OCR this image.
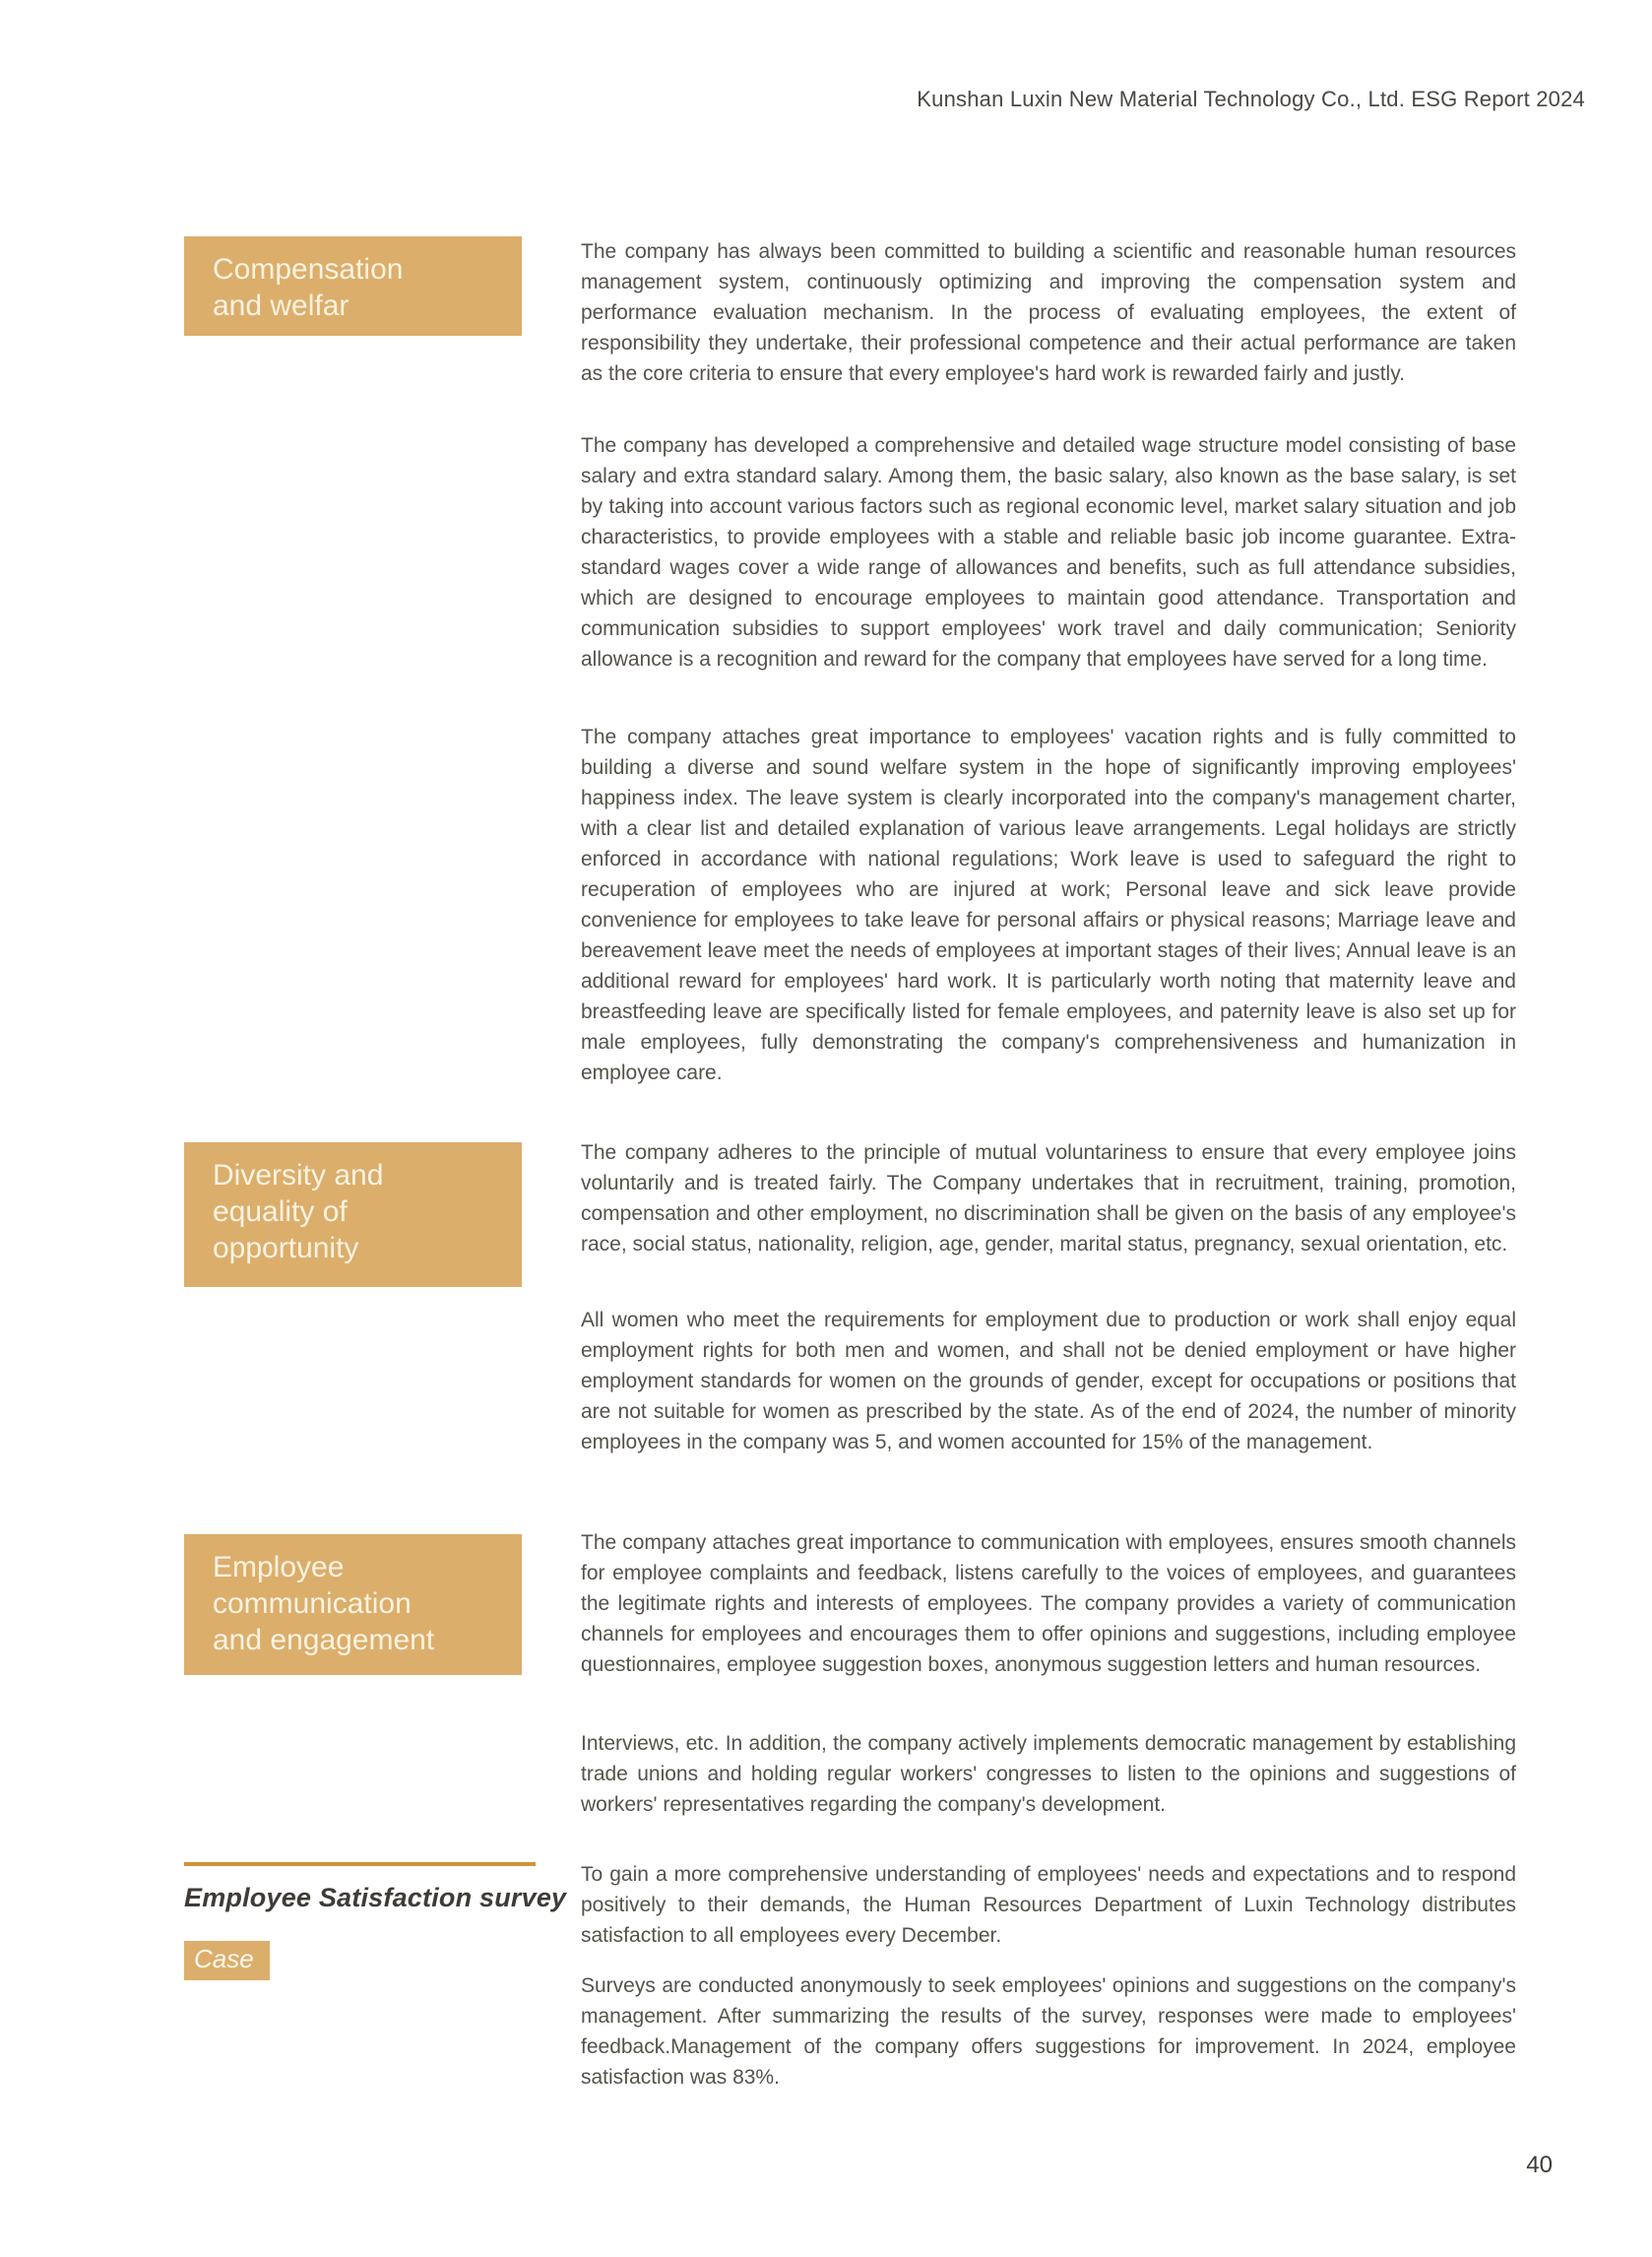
Kunshan Luxin New Material Technology Co., Ltd. ESG Report 2024
Compensation
and welfar

The company has always been committed to building a scientific and reasonable human resources management system, continuously optimizing and improving the compensation system and performance evaluation mechanism. In the process of evaluating employees, the extent of responsibility they undertake, their professional competence and their actual performance are taken as the core criteria to ensure that every employee's hard work is rewarded fairly and justly.

The company has developed a comprehensive and detailed wage structure model consisting of base salary and extra standard salary. Among them, the basic salary, also known as the base salary, is set by taking into account various factors such as regional economic level, market salary situation and job characteristics, to provide employees with a stable and reliable basic job income guarantee. Extra-standard wages cover a wide range of allowances and benefits, such as full attendance subsidies, which are designed to encourage employees to maintain good attendance. Transportation and communication subsidies to support employees' work travel and daily communication; Seniority allowance is a recognition and reward for the company that employees have served for a long time.

The company attaches great importance to employees' vacation rights and is fully committed to building a diverse and sound welfare system in the hope of significantly improving employees' happiness index. The leave system is clearly incorporated into the company's management charter, with a clear list and detailed explanation of various leave arrangements. Legal holidays are strictly enforced in accordance with national regulations; Work leave is used to safeguard the right to recuperation of employees who are injured at work; Personal leave and sick leave provide convenience for employees to take leave for personal affairs or physical reasons; Marriage leave and bereavement leave meet the needs of employees at important stages of their lives; Annual leave is an additional reward for employees' hard work. It is particularly worth noting that maternity leave and breastfeeding leave are specifically listed for female employees, and paternity leave is also set up for male employees, fully demonstrating the company's comprehensiveness and humanization in employee care.

Diversity and
equality of
opportunity

The company adheres to the principle of mutual voluntariness to ensure that every employee joins voluntarily and is treated fairly. The Company undertakes that in recruitment, training, promotion, compensation and other employment, no discrimination shall be given on the basis of any employee's race, social status, nationality, religion, age, gender, marital status, pregnancy, sexual orientation, etc.

All women who meet the requirements for employment due to production or work shall enjoy equal employment rights for both men and women, and shall not be denied employment or have higher employment standards for women on the grounds of gender, except for occupations or positions that are not suitable for women as prescribed by the state. As of the end of 2024, the number of minority employees in the company was 5, and women accounted for 15% of the management.

Employee
communication
and engagement

The company attaches great importance to communication with employees, ensures smooth channels for employee complaints and feedback, listens carefully to the voices of employees, and guarantees the legitimate rights and interests of employees. The company provides a variety of communication channels for employees and encourages them to offer opinions and suggestions, including employee questionnaires, employee suggestion boxes, anonymous suggestion letters and human resources.

Interviews, etc. In addition, the company actively implements democratic management by establishing trade unions and holding regular workers' congresses to listen to the opinions and suggestions of workers' representatives regarding the company's development.

Employee Satisfaction survey
Case

To gain a more comprehensive understanding of employees' needs and expectations and to respond positively to their demands, the Human Resources Department of Luxin Technology distributes satisfaction to all employees every December.

Surveys are conducted anonymously to seek employees' opinions and suggestions on the company's management. After summarizing the results of the survey, responses were made to employees' feedback.Management of the company offers suggestions for improvement. In 2024, employee satisfaction was 83%.

40
